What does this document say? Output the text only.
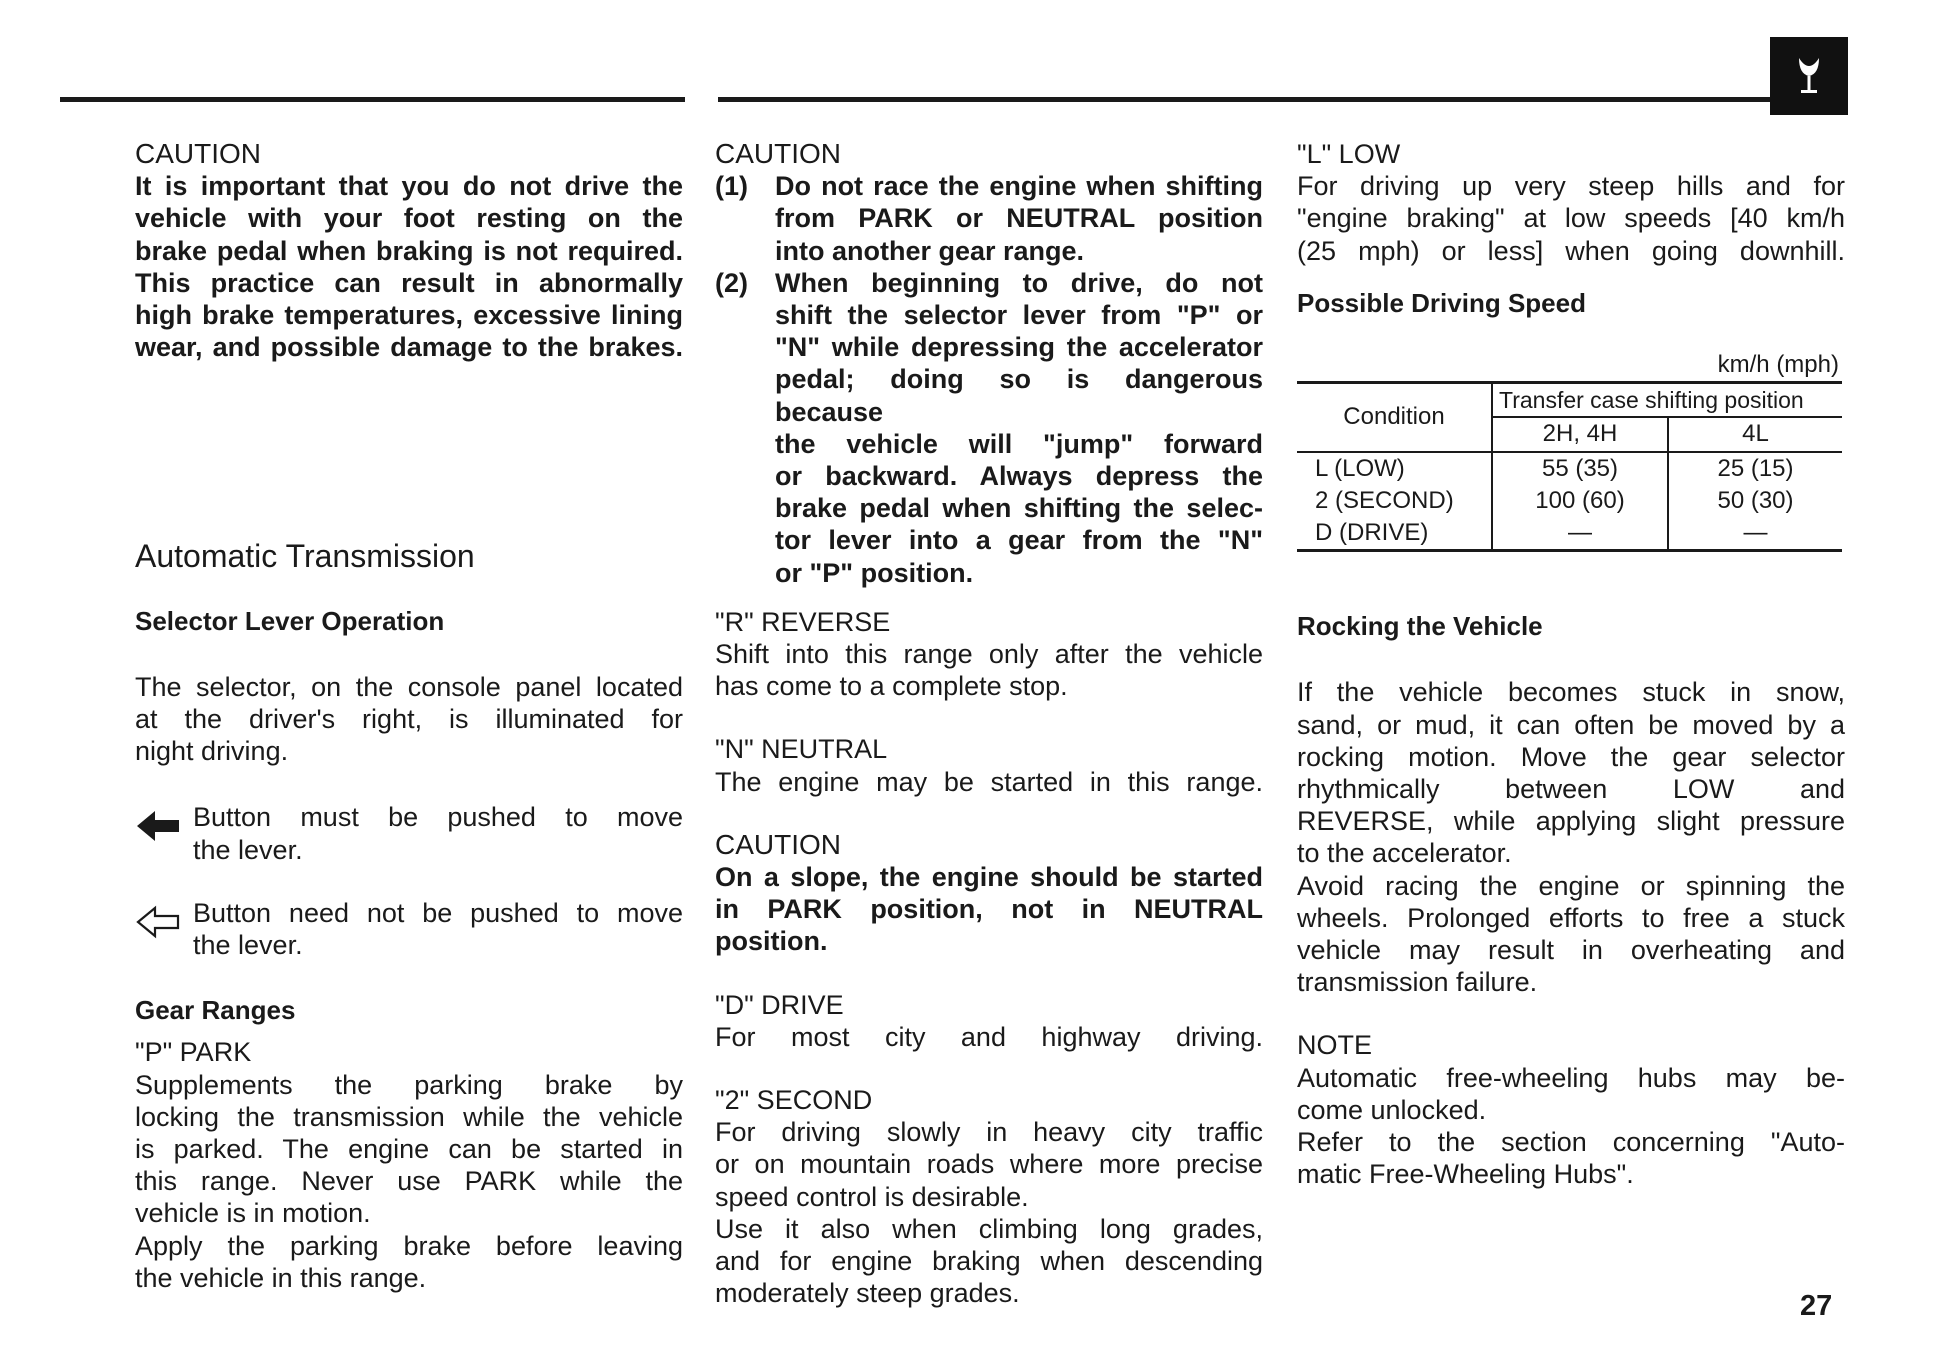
CAUTION
It is important that you do not drive the
vehicle with your foot resting on the
brake pedal when braking is not required.
This practice can result in abnormally
high brake temperatures, excessive lining
wear, and possible damage to the brakes.
Automatic Transmission
Selector Lever Operation
The selector, on the console panel located
at the driver's right, is illuminated for
night driving.
Button must be pushed to move
the lever.
Button need not be pushed to move
the lever.
Gear Ranges
"P" PARK
Supplements the parking brake by
locking the transmission while the vehicle
is parked. The engine can be started in
this range. Never use PARK while the
vehicle is in motion.
Apply the parking brake before leaving
the vehicle in this range.
CAUTION
(1)	Do not race the engine when shifting
from PARK or NEUTRAL position
into another gear range.
(2)	When beginning to drive, do not
shift the selector lever from "P" or
"N" while depressing the accelerator
pedal; doing so is dangerous because
the vehicle will "jump" forward
or backward. Always depress the
brake pedal when shifting the selec-
tor lever into a gear from the "N"
or "P" position.
"R" REVERSE
Shift into this range only after the vehicle
has come to a complete stop.
"N" NEUTRAL
The engine may be started in this range.
CAUTION
On a slope, the engine should be started
in PARK position, not in NEUTRAL
position.
"D" DRIVE
For most city and highway driving.
"2" SECOND
For driving slowly in heavy city traffic
or on mountain roads where more precise
speed control is desirable.
Use it also when climbing long grades,
and for engine braking when descending
moderately steep grades.
"L" LOW
For driving up very steep hills and for
"engine braking" at low speeds [40 km/h
(25 mph) or less] when going downhill.
Possible Driving Speed
km/h (mph)
Condition	Transfer case shifting position	
	2H, 4H	4L
L (LOW)	55 (35)	25 (15)
2 (SECOND)	100 (60)	50 (30)
D (DRIVE)	—	—
Rocking the Vehicle
If the vehicle becomes stuck in snow,
sand, or mud, it can often be moved by a
rocking motion. Move the gear selector
rhythmically between LOW and
REVERSE, while applying slight pressure
to the accelerator.
Avoid racing the engine or spinning the
wheels. Prolonged efforts to free a stuck
vehicle may result in overheating and
transmission failure.
NOTE
Automatic free-wheeling hubs may be-
come unlocked.
Refer to the section concerning "Auto-
matic Free-Wheeling Hubs".
27
